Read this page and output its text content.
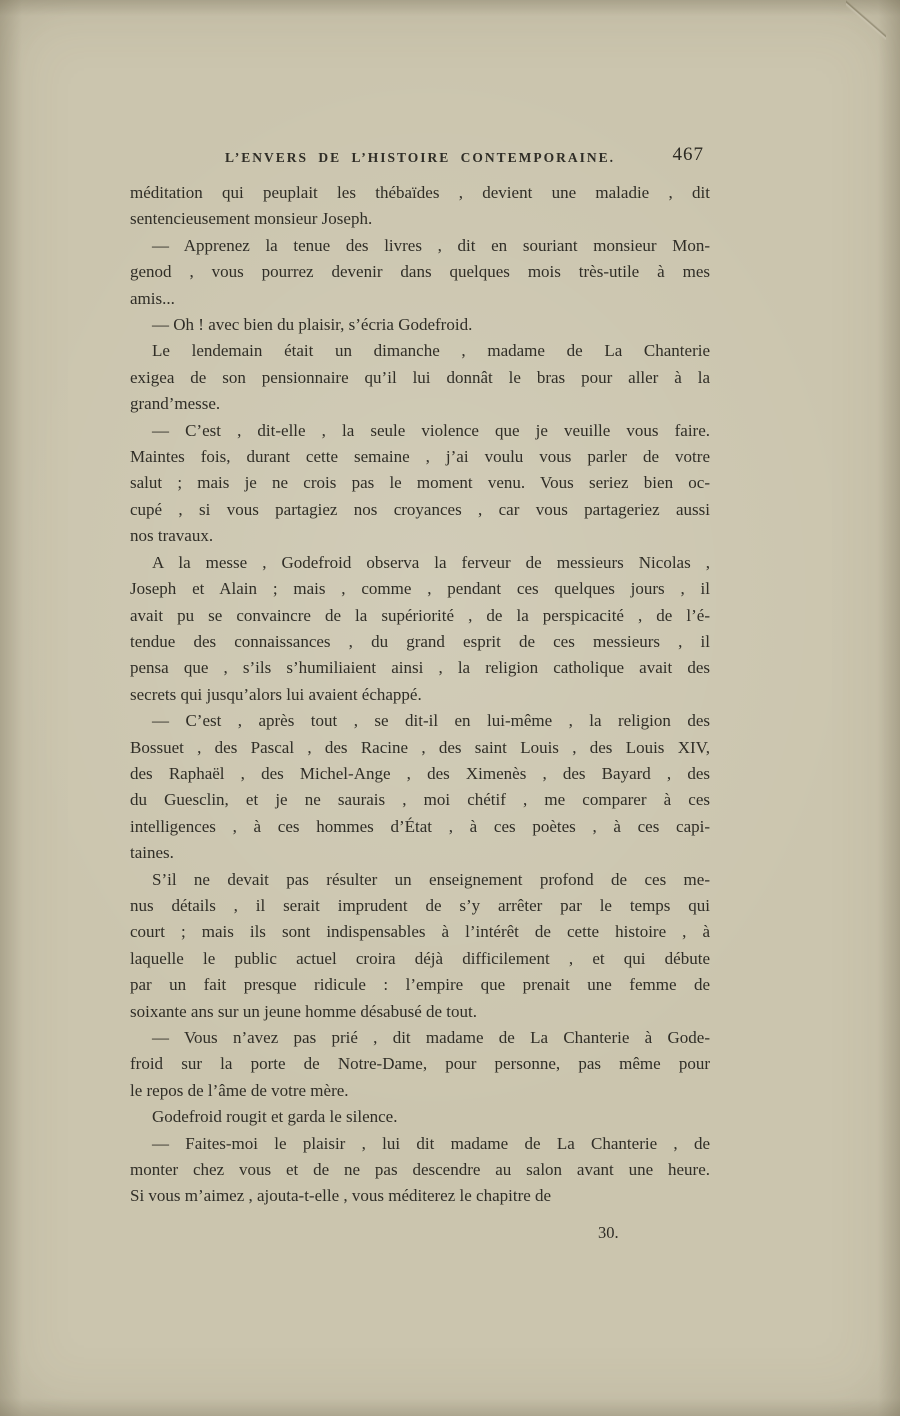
L’ENVERS DE L’HISTOIRE CONTEMPORAINE.	467
méditation qui peuplait les thébaïdes , devient une maladie , dit
sentencieusement monsieur Joseph.
— Apprenez la tenue des livres , dit en souriant monsieur Mon-
genod , vous pourrez devenir dans quelques mois très-utile à mes
amis...
— Oh ! avec bien du plaisir, s’écria Godefroid.
Le lendemain était un dimanche , madame de La Chanterie
exigea de son pensionnaire qu’il lui donnât le bras pour aller à la
grand’messe.
— C’est , dit-elle , la seule violence que je veuille vous faire.
Maintes fois, durant cette semaine , j’ai voulu vous parler de votre
salut ; mais je ne crois pas le moment venu. Vous seriez bien oc-
cupé , si vous partagiez nos croyances , car vous partageriez aussi
nos travaux.
A la messe , Godefroid observa la ferveur de messieurs Nicolas ,
Joseph et Alain ; mais , comme , pendant ces quelques jours , il
avait pu se convaincre de la supériorité , de la perspicacité , de l’é-
tendue des connaissances , du grand esprit de ces messieurs , il
pensa que , s’ils s’humiliaient ainsi , la religion catholique avait des
secrets qui jusqu’alors lui avaient échappé.
— C’est , après tout , se dit-il en lui-même , la religion des
Bossuet , des Pascal , des Racine , des saint Louis , des Louis XIV,
des Raphaël , des Michel-Ange , des Ximenès , des Bayard , des
du Guesclin, et je ne saurais , moi chétif , me comparer à ces
intelligences , à ces hommes d’État , à ces poètes , à ces capi-
taines.
S’il ne devait pas résulter un enseignement profond de ces me-
nus détails , il serait imprudent de s’y arrêter par le temps qui
court ; mais ils sont indispensables à l’intérêt de cette histoire , à
laquelle le public actuel croira déjà difficilement , et qui débute
par un fait presque ridicule : l’empire que prenait une femme de
soixante ans sur un jeune homme désabusé de tout.
— Vous n’avez pas prié , dit madame de La Chanterie à Gode-
froid sur la porte de Notre-Dame, pour personne, pas même pour
le repos de l’âme de votre mère.
Godefroid rougit et garda le silence.
— Faites-moi le plaisir , lui dit madame de La Chanterie , de
monter chez vous et de ne pas descendre au salon avant une heure.
Si vous m’aimez , ajouta-t-elle , vous méditerez le chapitre de
30.
